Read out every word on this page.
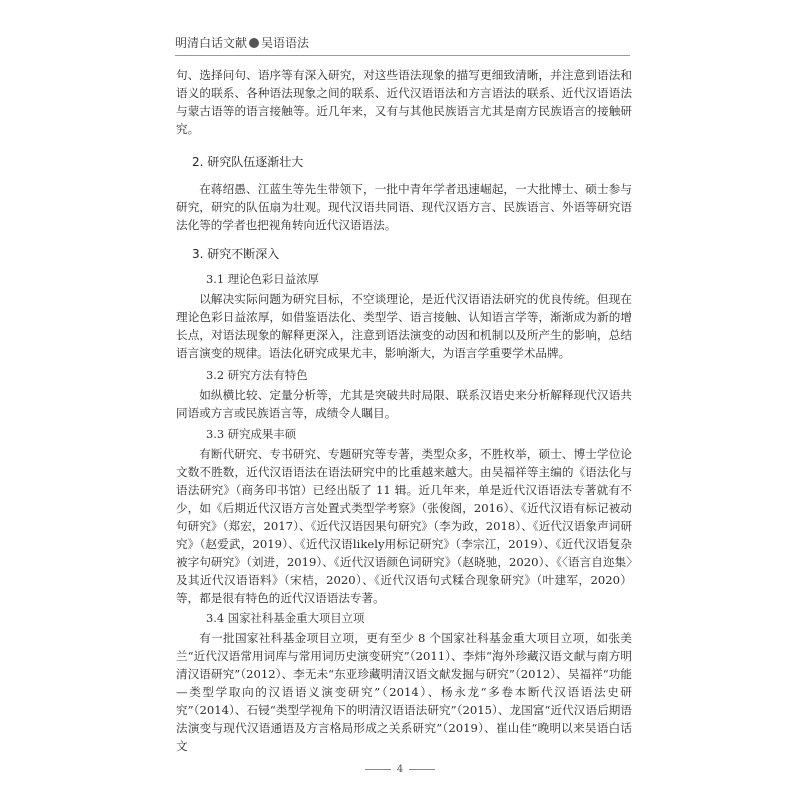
明清白话文献 吴语语法

句、选择问句、语序等有深入研究，对这些语法现象的描写更细致清晰，并注意到语法和语义的联系、各种语法现象之间的联系、近代汉语语法和方言语法的联系、近代汉语语法与蒙古语等的语言接触等。近几年来，又有与其他民族语言尤其是南方民族语言的接触研究。

2. 研究队伍逐渐壮大

在蒋绍愚、江蓝生等先生带领下，一批中青年学者迅速崛起，一大批博士、硕士参与研究，研究的队伍扇为壮观。现代汉语共同语、现代汉语方言、民族语言、外语等研究语法化等的学者也把视角转向近代汉语语法。

3. 研究不断深入
3.1 理论色彩日益浓厚

以解决实际问题为研究目标，不空谈理论，是近代汉语语法研究的优良传统。但现在理论色彩日益浓厚，如借鉴语法化、类型学、语言接触、认知语言学等，渐渐成为新的增长点，对语法现象的解释更深入，注意到语法演变的动因和机制以及所产生的影响，总结语言演变的规律。语法化研究成果尤丰，影响渐大，为语言学重要学术品牌。

3.2 研究方法有特色

如纵横比较、定量分析等，尤其是突破共时局限、联系汉语史来分析解释现代汉语共同语或方言或民族语言等，成绩令人瞩目。

3.3 研究成果丰硕

有断代研究、专书研究、专题研究等专著，类型众多，不胜枚举，硕士、博士学位论文数不胜数，近代汉语语法在语法研究中的比重越来越大。由吴福祥等主编的《语法化与语法研究》（商务印书馆）已经出版了 11 辑。近几年来，单是近代汉语语法专著就有不少，如《后期近代汉语方言处置式类型学考察》（张俊阁，2016）、《近代汉语有标记被动句研究》（郑宏，2017）、《近代汉语因果句研究》（李为政，2018）、《近代汉语象声词研究》（赵爱武，2019）、《近代汉语likely用标记研究》（李宗江，2019）、《近代汉语复杂被字句研究》（刘进，2019）、《近代汉语颜色词研究》（赵晓驰，2020）、《〈语言自迩集〉及其近代汉语语料》（宋桔，2020）、《近代汉语句式糅合现象研究》（叶建军，2020）等，都是很有特色的近代汉语语法专著。

3.4 国家社科基金重大项目立项

有一批国家社科基金项目立项，更有至少 8 个国家社科基金重大项目立项，如张美兰“近代汉语常用词库与常用词历史演变研究”（2011）、李炜“海外珍藏汉语文献与南方明清汉语研究”（2012）、李无未“东亚珍藏明清汉语文献发掘与研究”（2012）、吴福祥“功能—类型学取向的汉语语义演变研究”（2014）、杨永龙“多卷本断代汉语语法史研究”（2014）、石锓“类型学视角下的明清汉语语法研究”（2015）、龙国富“近代汉语后期语法演变与现代汉语通语及方言格局形成之关系研究”（2019）、崔山佳“晚明以来吴语白话文

4
